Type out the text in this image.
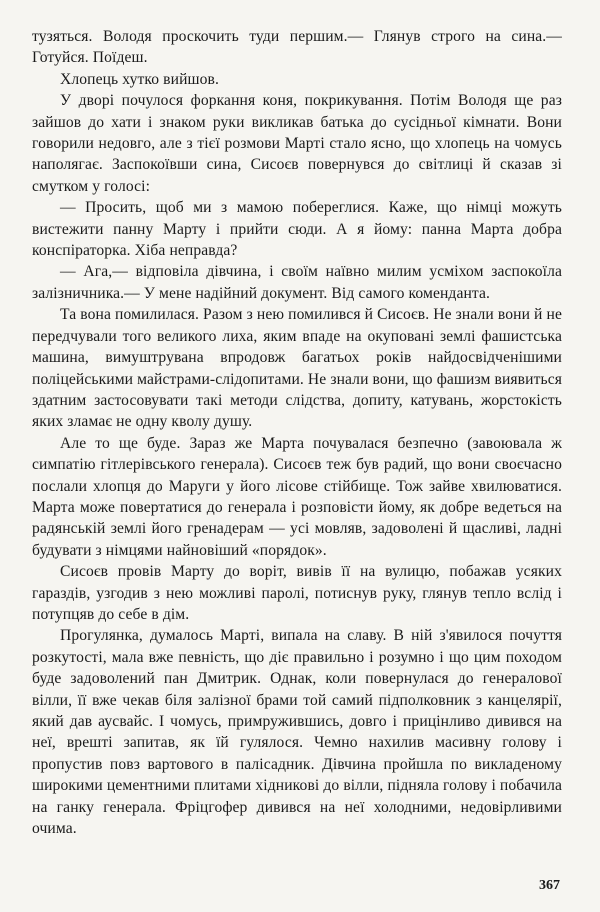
тузяться. Володя проскочить туди першим.— Глянув строго на сина.— Готуйся. Поїдеш.

Хлопець хутко вийшов.

У дворі почулося форкання коня, покрикування. Потім Володя ще раз зайшов до хати і знаком руки викликав батька до сусідньої кімнати. Вони говорили недовго, але з тієї розмови Марті стало ясно, що хлопець на чомусь наполягає. Заспокоївши сина, Сисоєв повернувся до світлиці й сказав зі смутком у голосі:

— Просить, щоб ми з мамою побереглися. Каже, що німці можуть вистежити панну Марту і прийти сюди. А я йому: панна Марта добра конспіраторка. Хіба неправда?

— Ага,— відповіла дівчина, і своїм наївно милим усміхом заспокоїла залізничника.— У мене надійний документ. Від самого коменданта.

Та вона помилилася. Разом з нею помилився й Сисоєв. Не знали вони й не передчували того великого лиха, яким впаде на окуповані землі фашистська машина, вимуштрувана впродовж багатьох років найдосвідченішими поліцейськими майстрами-слідопитами. Не знали вони, що фашизм виявиться здатним застосовувати такі методи слідства, допиту, катувань, жорстокість яких зламає не одну кволу душу.

Але то ще буде. Зараз же Марта почувалася безпечно (завоювала ж симпатію гітлерівського генерала). Сисоєв теж був радий, що вони своєчасно послали хлопця до Маруги у його лісове стійбище. Тож зайве хвилюватися. Марта може повертатися до генерала і розповісти йому, як добре ведеться на радянській землі його гренадерам — усі мовляв, задоволені й щасливі, ладні будувати з німцями найновіший «порядок».

Сисоєв провів Марту до воріт, вивів її на вулицю, побажав усяких гараздів, узгодив з нею можливі паролі, потиснув руку, глянув тепло вслід і потупцяв до себе в дім.

Прогулянка, думалось Марті, випала на славу. В ній з'явилося почуття розкутості, мала вже певність, що діє правильно і розумно і що цим походом буде задоволений пан Дмитрик. Однак, коли повернулася до генералової вілли, її вже чекав біля залізної брами той самий підполковник з канцелярії, який дав аусвайс. І чомусь, примружившись, довго і прицінливо дивився на неї, врешті запитав, як їй гулялося. Чемно нахилив масивну голову і пропустив повз вартового в палісадник. Дівчина пройшла по викладеному широкими цементними плитами хідникові до вілли, підняла голову і побачила на ганку генерала. Фріцгофер дивився на неї холодними, недовірливими очима.

367
